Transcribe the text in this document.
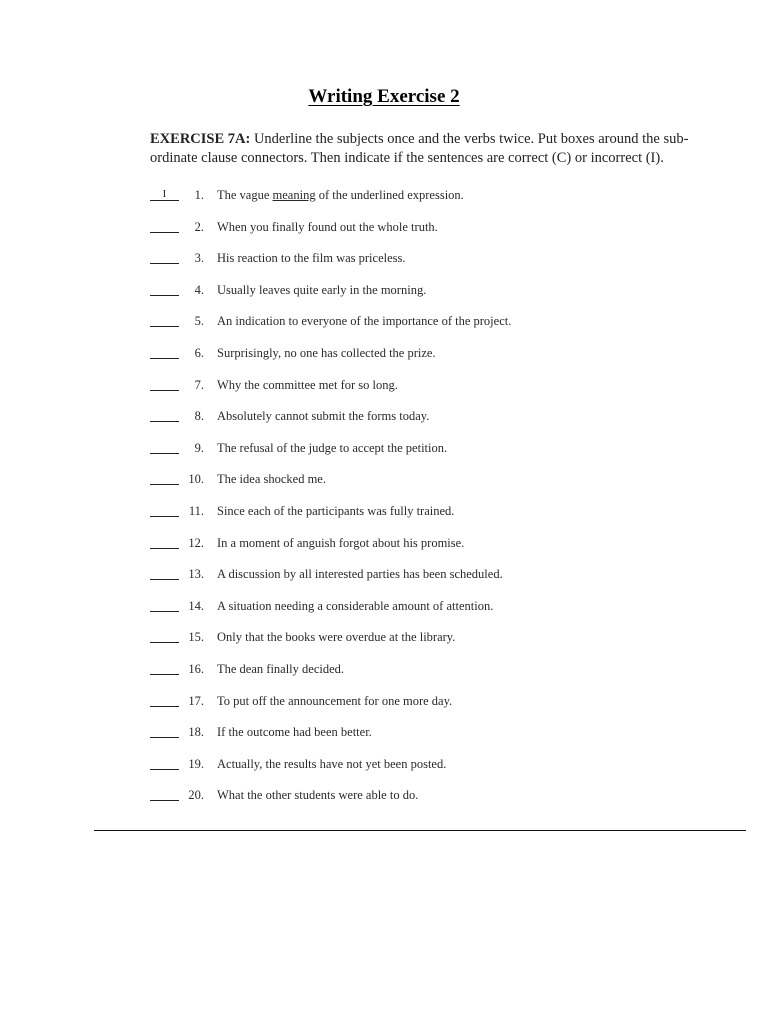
Writing Exercise 2
EXERCISE 7A: Underline the subjects once and the verbs twice. Put boxes around the sub- ordinate clause connectors. Then indicate if the sentences are correct (C) or incorrect (I).
I	1. The vague meaning of the underlined expression.
2. When you finally found out the whole truth.
3. His reaction to the film was priceless.
4. Usually leaves quite early in the morning.
5. An indication to everyone of the importance of the project.
6. Surprisingly, no one has collected the prize.
7. Why the committee met for so long.
8. Absolutely cannot submit the forms today.
9. The refusal of the judge to accept the petition.
10. The idea shocked me.
11. Since each of the participants was fully trained.
12. In a moment of anguish forgot about his promise.
13. A discussion by all interested parties has been scheduled.
14. A situation needing a considerable amount of attention.
15. Only that the books were overdue at the library.
16. The dean finally decided.
17. To put off the announcement for one more day.
18. If the outcome had been better.
19. Actually, the results have not yet been posted.
20. What the other students were able to do.
